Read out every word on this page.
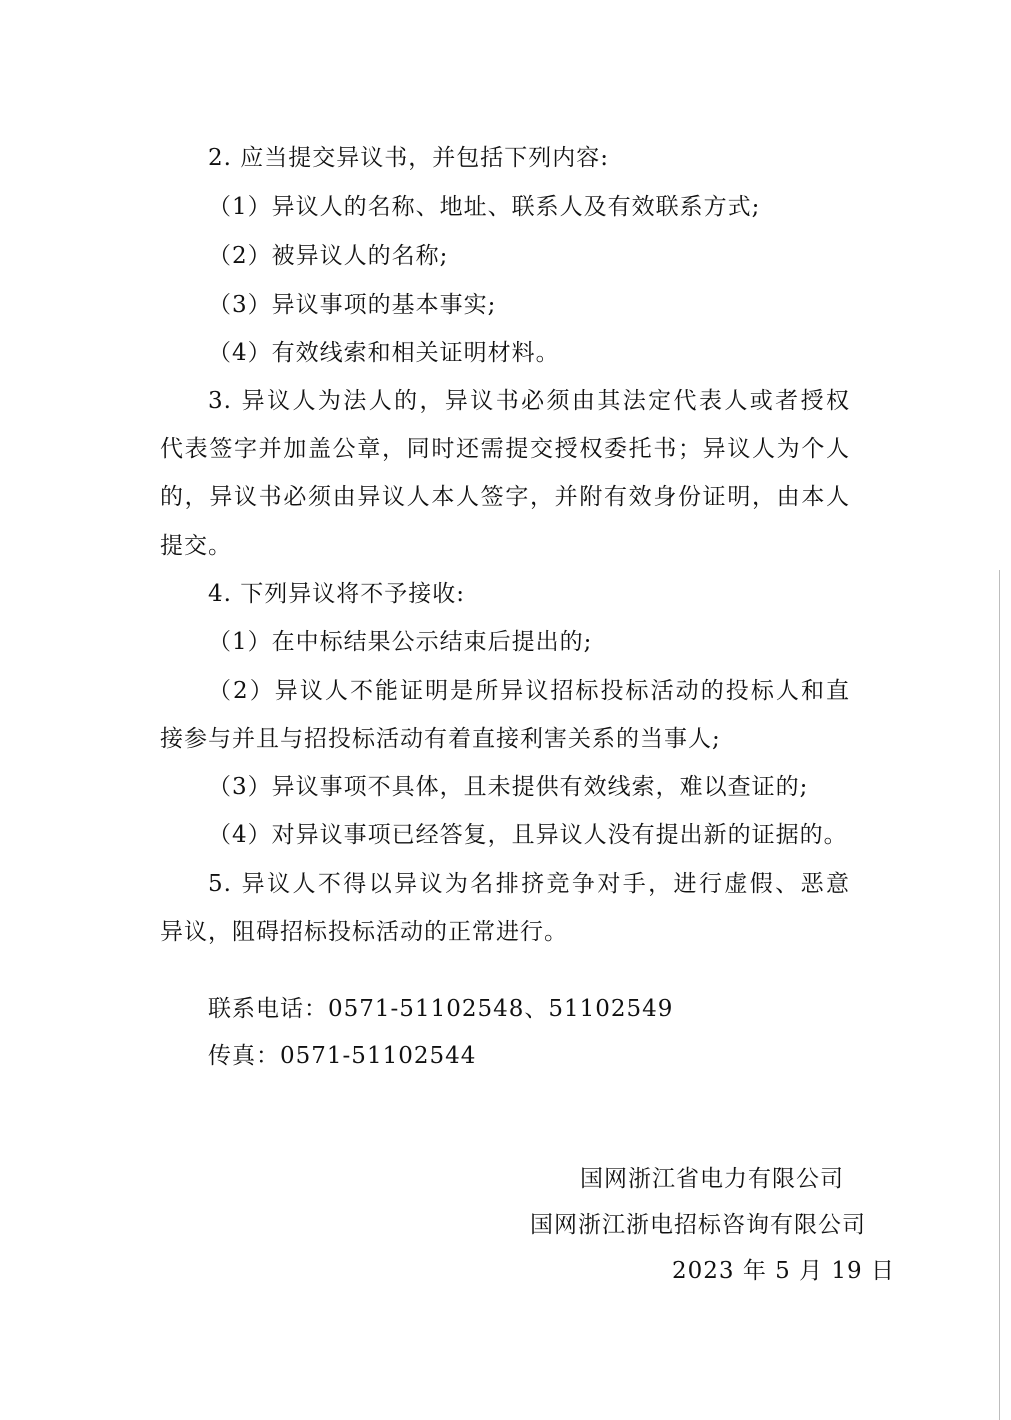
2. 应当提交异议书，并包括下列内容:
（1）异议人的名称、地址、联系人及有效联系方式;
（2）被异议人的名称;
（3）异议事项的基本事实;
（4）有效线索和相关证明材料。
3. 异议人为法人的，异议书必须由其法定代表人或者授权
代表签字并加盖公章，同时还需提交授权委托书；异议人为个人
的，异议书必须由异议人本人签字，并附有效身份证明，由本人
提交。
4. 下列异议将不予接收:
（1）在中标结果公示结束后提出的;
（2）异议人不能证明是所异议招标投标活动的投标人和直
接参与并且与招投标活动有着直接利害关系的当事人;
（3）异议事项不具体，且未提供有效线索，难以查证的;
（4）对异议事项已经答复，且异议人没有提出新的证据的。
5. 异议人不得以异议为名排挤竞争对手，进行虚假、恶意
异议，阻碍招标投标活动的正常进行。
联系电话：0571-51102548、51102549
传真：0571-51102544
国网浙江省电力有限公司
国网浙江浙电招标咨询有限公司
2023 年 5 月 19 日
